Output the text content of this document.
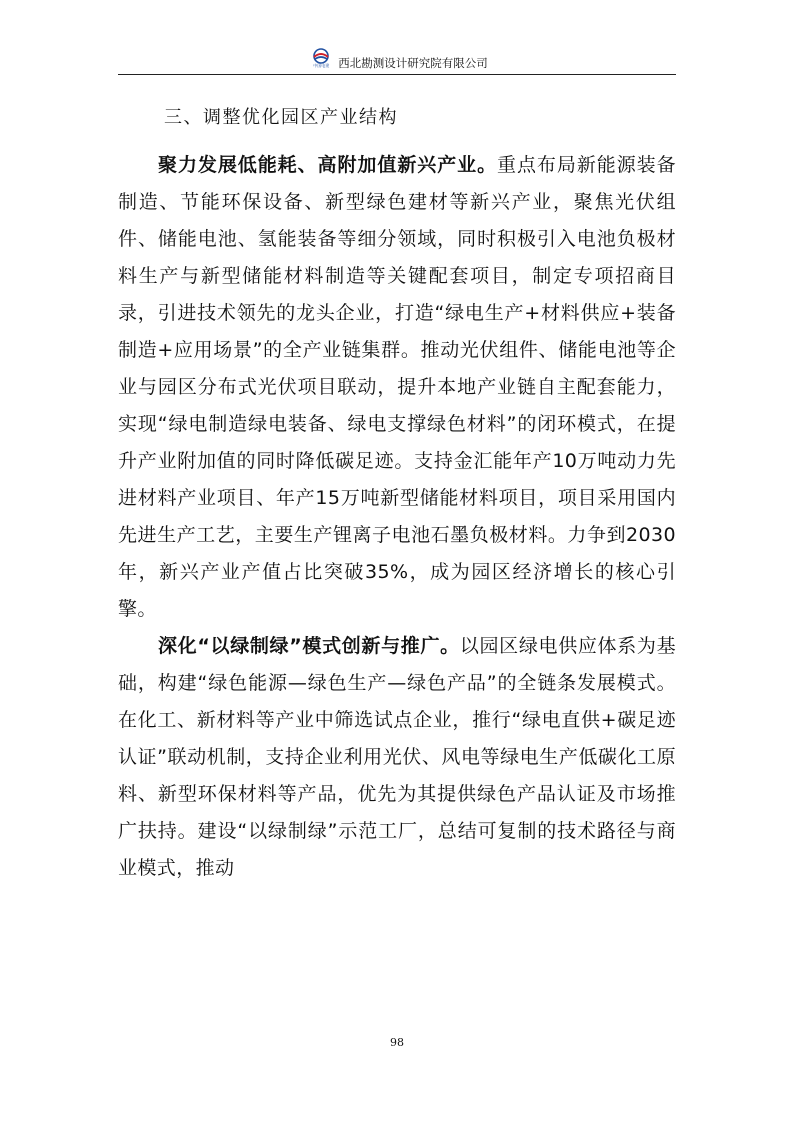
中国电建 西北勘测设计研究院有限公司
三、调整优化园区产业结构

聚力发展低能耗、高附加值新兴产业。重点布局新能源装备制造、节能环保设备、新型绿色建材等新兴产业，聚焦光伏组件、储能电池、氢能装备等细分领域，同时积极引入电池负极材料生产与新型储能材料制造等关键配套项目，制定专项招商目录，引进技术领先的龙头企业，打造“绿电生产+材料供应+装备制造+应用场景”的全产业链集群。推动光伏组件、储能电池等企业与园区分布式光伏项目联动，提升本地产业链自主配套能力，实现“绿电制造绿电装备、绿电支撑绿色材料”的闭环模式，在提升产业附加值的同时降低碳足迹。支持金汇能年产10万吨动力先进材料产业项目、年产15万吨新型储能材料项目，项目采用国内先进生产工艺，主要生产锂离子电池石墨负极材料。力争到2030年，新兴产业产值占比突破35%，成为园区经济增长的核心引擎。

深化“以绿制绿”模式创新与推广。以园区绿电供应体系为基础，构建“绿色能源—绿色生产—绿色产品”的全链条发展模式。在化工、新材料等产业中筛选试点企业，推行“绿电直供+碳足迹认证”联动机制，支持企业利用光伏、风电等绿电生产低碳化工原料、新型环保材料等产品，优先为其提供绿色产品认证及市场推广扶持。建设“以绿制绿”示范工厂，总结可复制的技术路径与商业模式，推动

98
